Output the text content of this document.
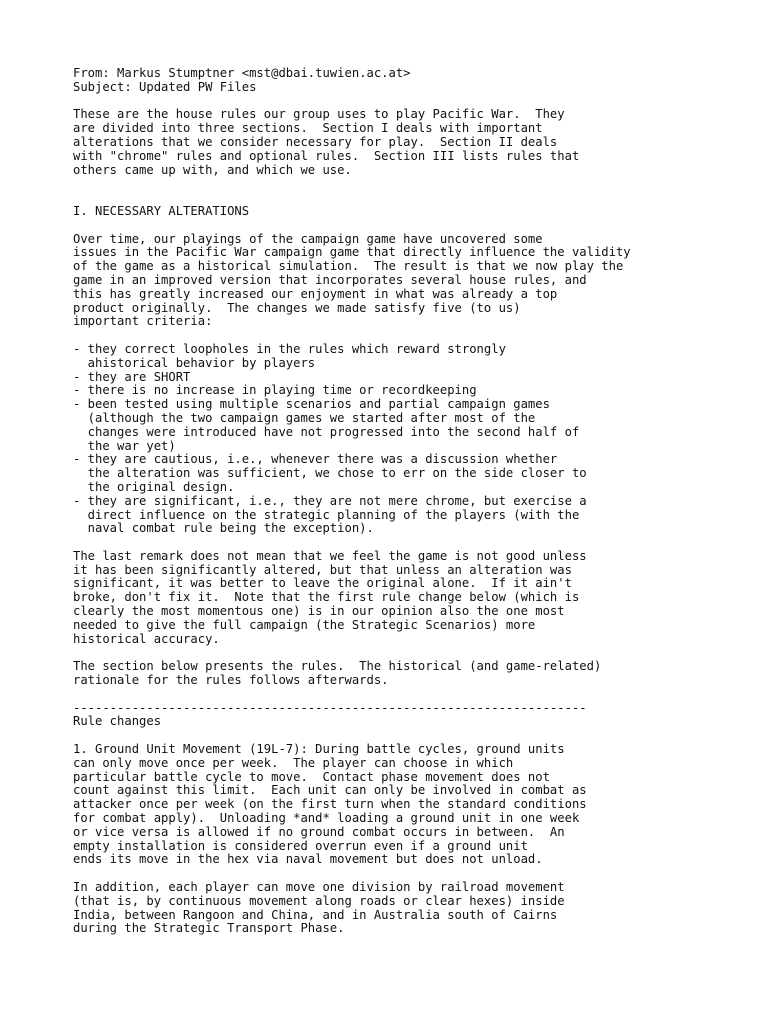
From: Markus Stumptner <mst@dbai.tuwien.ac.at>
Subject: Updated PW Files
These are the house rules our group uses to play Pacific War.  They
are divided into three sections.  Section I deals with important
alterations that we consider necessary for play.  Section II deals
with "chrome" rules and optional rules.  Section III lists rules that
others came up with, and which we use.
I. NECESSARY ALTERATIONS
Over time, our playings of the campaign game have uncovered some
issues in the Pacific War campaign game that directly influence the validity
of the game as a historical simulation.  The result is that we now play the
game in an improved version that incorporates several house rules, and
this has greatly increased our enjoyment in what was already a top
product originally.  The changes we made satisfy five (to us)
important criteria:
- they correct loopholes in the rules which reward strongly
ahistorical behavior by players
- they are SHORT
- there is no increase in playing time or recordkeeping
- been tested using multiple scenarios and partial campaign games
(although the two campaign games we started after most of the
changes were introduced have not progressed into the second half of
the war yet)
- they are cautious, i.e., whenever there was a discussion whether
the alteration was sufficient, we chose to err on the side closer to
the original design.
- they are significant, i.e., they are not mere chrome, but exercise a
direct influence on the strategic planning of the players (with the
naval combat rule being the exception).
The last remark does not mean that we feel the game is not good unless
it has been significantly altered, but that unless an alteration was
significant, it was better to leave the original alone.  If it ain't
broke, don't fix it.  Note that the first rule change below (which is
clearly the most momentous one) is in our opinion also the one most
needed to give the full campaign (the Strategic Scenarios) more
historical accuracy.
The section below presents the rules.  The historical (and game-related)
rationale for the rules follows afterwards.
----------------------------------------------------------------------
Rule changes
1. Ground Unit Movement (19L-7): During battle cycles, ground units
can only move once per week.  The player can choose in which
particular battle cycle to move.  Contact phase movement does not
count against this limit.  Each unit can only be involved in combat as
attacker once per week (on the first turn when the standard conditions
for combat apply).  Unloading *and* loading a ground unit in one week
or vice versa is allowed if no ground combat occurs in between.  An
empty installation is considered overrun even if a ground unit
ends its move in the hex via naval movement but does not unload.
In addition, each player can move one division by railroad movement
(that is, by continuous movement along roads or clear hexes) inside
India, between Rangoon and China, and in Australia south of Cairns
during the Strategic Transport Phase.
